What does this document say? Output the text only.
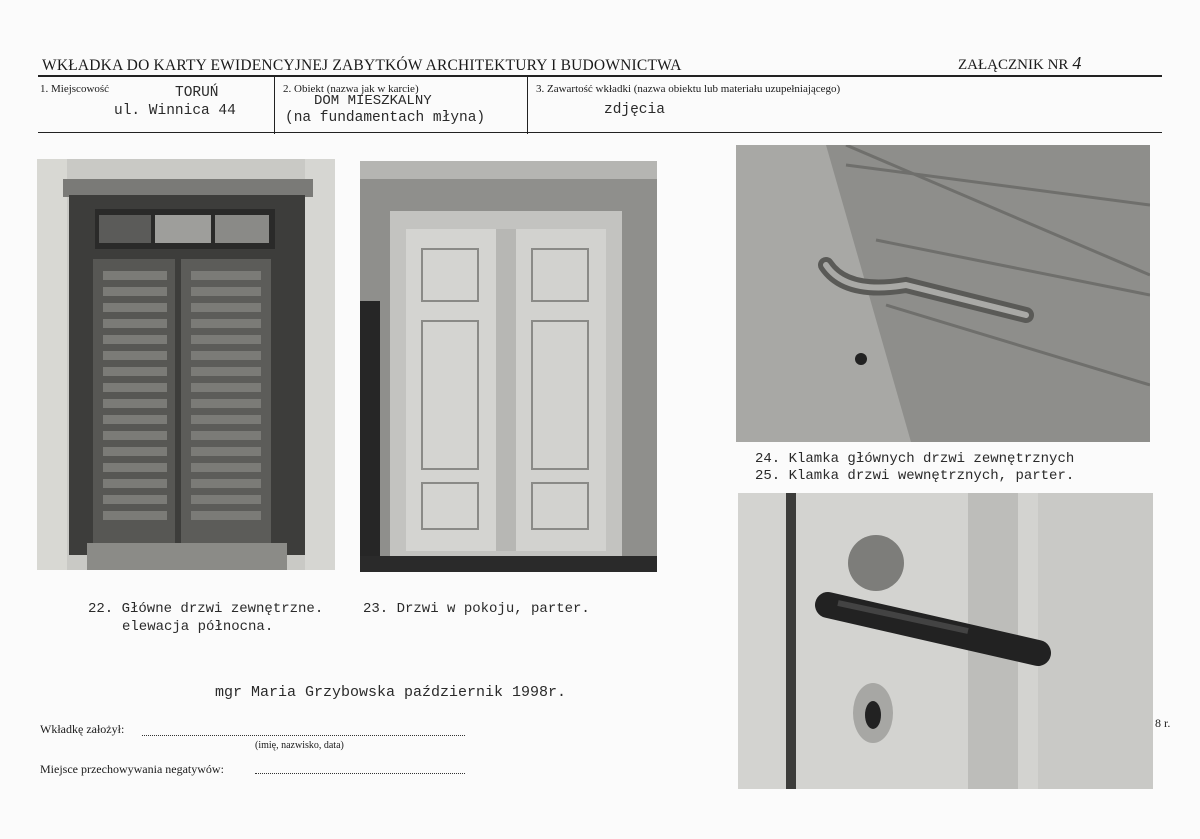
WKŁADKA DO KARTY EWIDENCYJNEJ ZABYTKÓW ARCHITEKTURY I BUDOWNICTWA	ZAŁĄCZNIK NR 4
1. Miejscowość	TORUŃ
ul. Winnica 44
2. Obiekt (nazwa jak w karcie)
DOM MIESZKALNY
(na fundamentach młyna)
3. Zawartość wkładki (nazwa obiektu lub materiału uzupełniającego)
zdjęcia
22. Główne drzwi zewnętrzne.
elewacja północna.
23. Drzwi w pokoju, parter.
24. Klamka głównych drzwi zewnętrznych
25. Klamka drzwi wewnętrznych, parter.
mgr Maria Grzybowska październik 1998r.
Wkładkę założył:
(imię, nazwisko, data)
Miejsce przechowywania negatywów:
8 r.
